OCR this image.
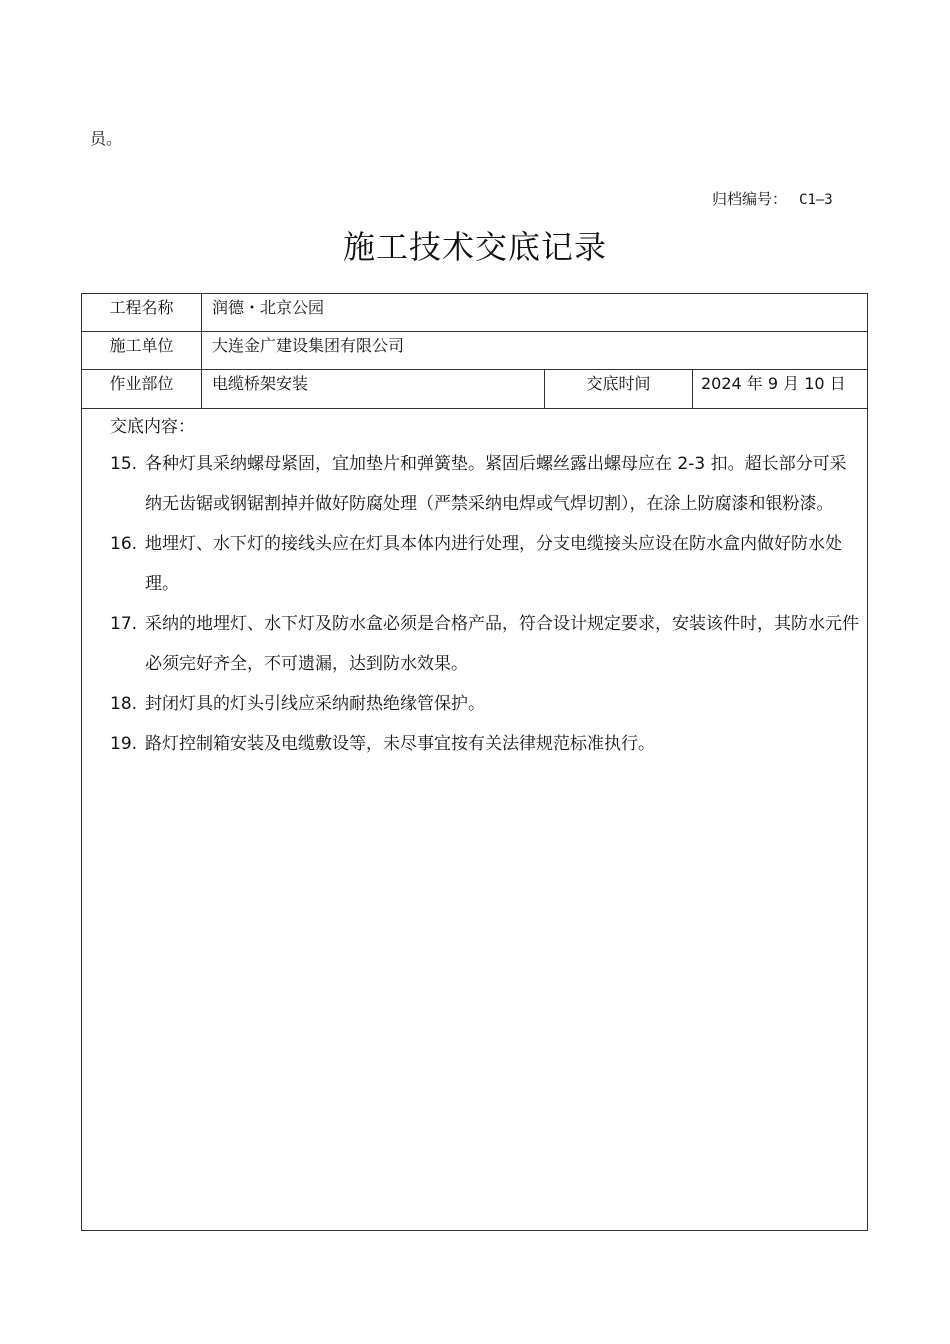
员。
归档编号： C1—3
施工技术交底记录
工程名称	润德・北京公园
施工单位	大连金广建设集团有限公司
作业部位	电缆桥架安装	交底时间	2024 年 9 月 10 日
交底内容：
15. 各种灯具采纳螺母紧固，宜加垫片和弹簧垫。紧固后螺丝露出螺母应在 2-3 扣。超长部分可采纳无齿锯或钢锯割掉并做好防腐处理（严禁采纳电焊或气焊切割），在涂上防腐漆和银粉漆。
16. 地埋灯、水下灯的接线头应在灯具本体内进行处理，分支电缆接头应设在防水盒内做好防水处理。
17. 采纳的地埋灯、水下灯及防水盒必须是合格产品，符合设计规定要求，安装该件时，其防水元件必须完好齐全，不可遗漏，达到防水效果。
18. 封闭灯具的灯头引线应采纳耐热绝缘管保护。
19. 路灯控制箱安装及电缆敷设等，未尽事宜按有关法律规范标准执行。
